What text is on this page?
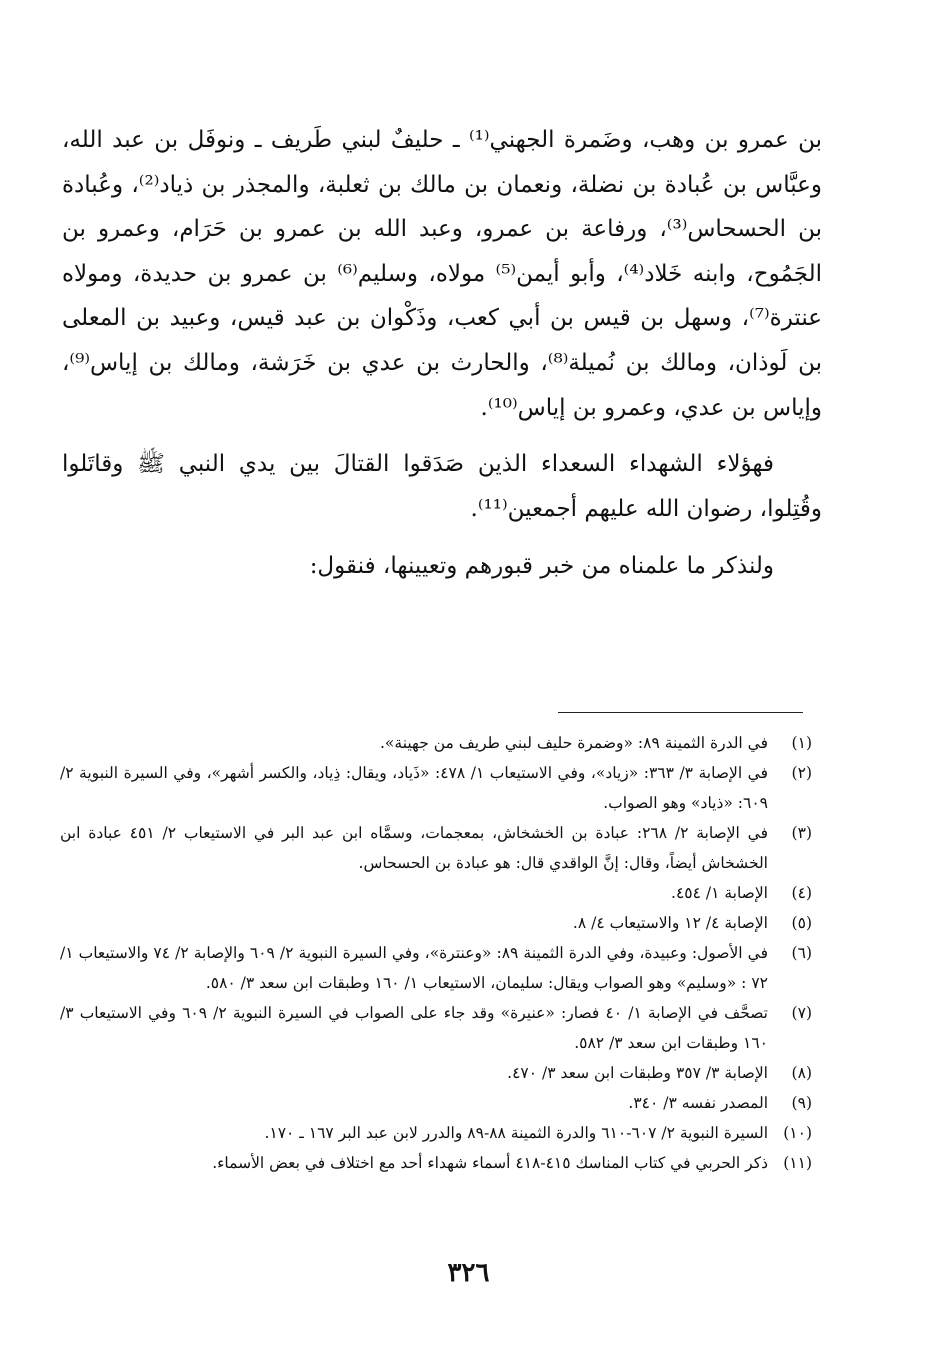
بن عمرو بن وهب، وضَمرة الجهني⁽¹⁾ ـ حليفٌ لبني طَريف ـ ونوفَل بن عبد الله، وعبَّاس بن عُبادة بن نضلة، ونعمان بن مالك بن ثعلبة، والمجذر بن ذياد⁽²⁾، وعُبادة بن الحسحاس⁽³⁾، ورفاعة بن عمرو، وعبد الله بن عمرو بن حَرَام، وعمرو بن الجَمُوح، وابنه خَلاد⁽⁴⁾، وأبو أيمن⁽⁵⁾ مولاه، وسليم⁽⁶⁾ بن عمرو بن حديدة، ومولاه عنترة⁽⁷⁾، وسهل بن قيس بن أبي كعب، وذَكْوان بن عبد قيس، وعبيد بن المعلى بن لَوذان، ومالك بن نُميلة⁽⁸⁾، والحارث بن عدي بن خَرَشة، ومالك بن إياس⁽⁹⁾، وإياس بن عدي، وعمرو بن إياس⁽¹⁰⁾.

فهؤلاء الشهداء السعداء الذين صَدَقوا القتالَ بين يدي النبي ﷺ وقاتَلوا وقُتِلوا، رضوان الله عليهم أجمعين⁽¹¹⁾.

ولنذكر ما علمناه من خبر قبورهم وتعيينها، فنقول:

(١)
في الدرة الثمينة ٨٩: «وضمرة حليف لبني طريف من جهينة».
(٢)
في الإصابة ٣/ ٣٦٣: «زياد»، وفي الاستيعاب ١/ ٤٧٨: «ذَياد، ويقال: ذِياد، والكسر أشهر»، وفي السيرة النبوية ٢/ ٦٠٩: «ذياد» وهو الصواب.
(٣)
في الإصابة ٢/ ٢٦٨: عبادة بن الخشخاش، بمعجمات، وسمَّاه ابن عبد البر في الاستيعاب ٢/ ٤٥١ عبادة ابن الخشخاش أيضاً، وقال: إنَّ الواقدي قال: هو عبادة بن الحسحاس.
(٤)
الإصابة ١/ ٤٥٤.
(٥)
الإصابة ٤/ ١٢ والاستيعاب ٤/ ٨.
(٦)
في الأصول: وعبيدة، وفي الدرة الثمينة ٨٩: «وعنترة»، وفي السيرة النبوية ٢/ ٦٠٩ والإصابة ٢/ ٧٤ والاستيعاب ١/ ٧٢ : «وسليم» وهو الصواب ويقال: سليمان، الاستيعاب ١/ ١٦٠ وطبقات ابن سعد ٣/ ٥٨٠.
(٧)
تصحَّف في الإصابة ١/ ٤٠ فصار: «عنيرة» وقد جاء على الصواب في السيرة النبوية ٢/ ٦٠٩ وفي الاستيعاب ٣/ ١٦٠ وطبقات ابن سعد ٣/ ٥٨٢.
(٨)
الإصابة ٣/ ٣٥٧ وطبقات ابن سعد ٣/ ٤٧٠.
(٩)
المصدر نفسه ٣/ ٣٤٠.
(١٠)
السيرة النبوية ٢/ ٦٠٧-٦١٠ والدرة الثمينة ٨٨-٨٩ والدرر لابن عبد البر ١٦٧ ـ ١٧٠.
(١١)
ذكر الحربي في كتاب المناسك ٤١٥-٤١٨ أسماء شهداء أحد مع اختلاف في بعض الأسماء.
٣٢٦
